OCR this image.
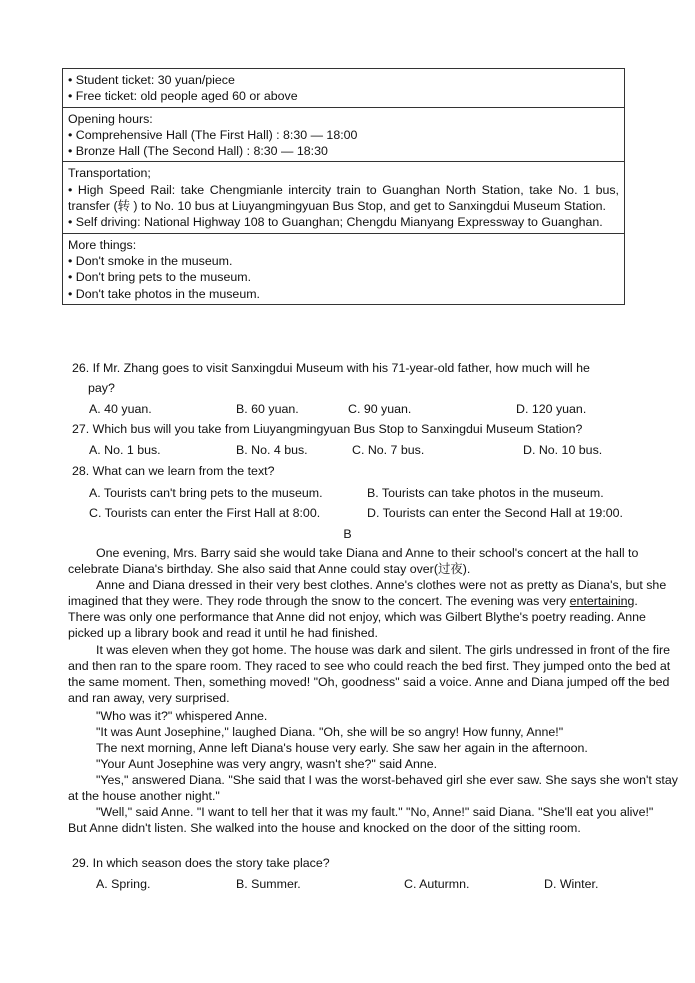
• Student ticket: 30 yuan/piece
• Free ticket: old people aged 60 or above
Opening hours:
• Comprehensive Hall (The First Hall) : 8:30 — 18:00
• Bronze Hall (The Second Hall) : 8:30 — 18:30
Transportation;
• High Speed Rail: take Chengmianle intercity train to Guanghan North Station, take No. 1 bus, transfer (转 ) to No. 10 bus at Liuyangmingyuan Bus Stop, and get to Sanxingdui Museum Station.
• Self driving: National Highway 108 to Guanghan; Chengdu Mianyang Expressway to Guanghan.
More things:
• Don't smoke in the museum.
• Don't bring pets to the museum.
• Don't take photos in the museum.
26. If Mr. Zhang goes to visit Sanxingdui Museum with his 71-year-old father, how much will he
pay?
A. 40 yuan.	B. 60 yuan.	C. 90 yuan.	D. 120 yuan.
27. Which bus will you take from Liuyangmingyuan Bus Stop to Sanxingdui Museum Station?
A. No. 1 bus.	B. No. 4 bus.	C. No. 7 bus.	D. No. 10 bus.
28. What can we learn from the text?
A. Tourists can't bring pets to the museum.	B. Tourists can take photos in the museum.
C. Tourists can enter the First Hall at 8:00.	D. Tourists can enter the Second Hall at 19:00.
B
One evening, Mrs. Barry said she would take Diana and Anne to their school's concert at the hall to celebrate Diana's birthday. She also said that Anne could stay over(过夜).
Anne and Diana dressed in their very best clothes. Anne's clothes were not as pretty as Diana's, but she imagined that they were. They rode through the snow to the concert. The evening was very entertaining. There was only one performance that Anne did not enjoy, which was Gilbert Blythe's poetry reading. Anne picked up a library book and read it until he had finished.
It was eleven when they got home. The house was dark and silent. The girls undressed in front of the fire and then ran to the spare room. They raced to see who could reach the bed first. They jumped onto the bed at the same moment. Then, something moved! "Oh, goodness" said a voice. Anne and Diana jumped off the bed and ran away, very surprised.
"Who was it?" whispered Anne.
"It was Aunt Josephine," laughed Diana. "Oh, she will be so angry! How funny, Anne!"
The next morning, Anne left Diana's house very early. She saw her again in the afternoon.
"Your Aunt Josephine was very angry, wasn't she?" said Anne.
"Yes," answered Diana. "She said that I was the worst-behaved girl she ever saw. She says she won't stay at the house another night."
"Well," said Anne. "I want to tell her that it was my fault." "No, Anne!" said Diana. "She'll eat you alive!" But Anne didn't listen. She walked into the house and knocked on the door of the sitting room.
29. In which season does the story take place?
A. Spring.	B. Summer.	C. Auturmn.	D. Winter.
